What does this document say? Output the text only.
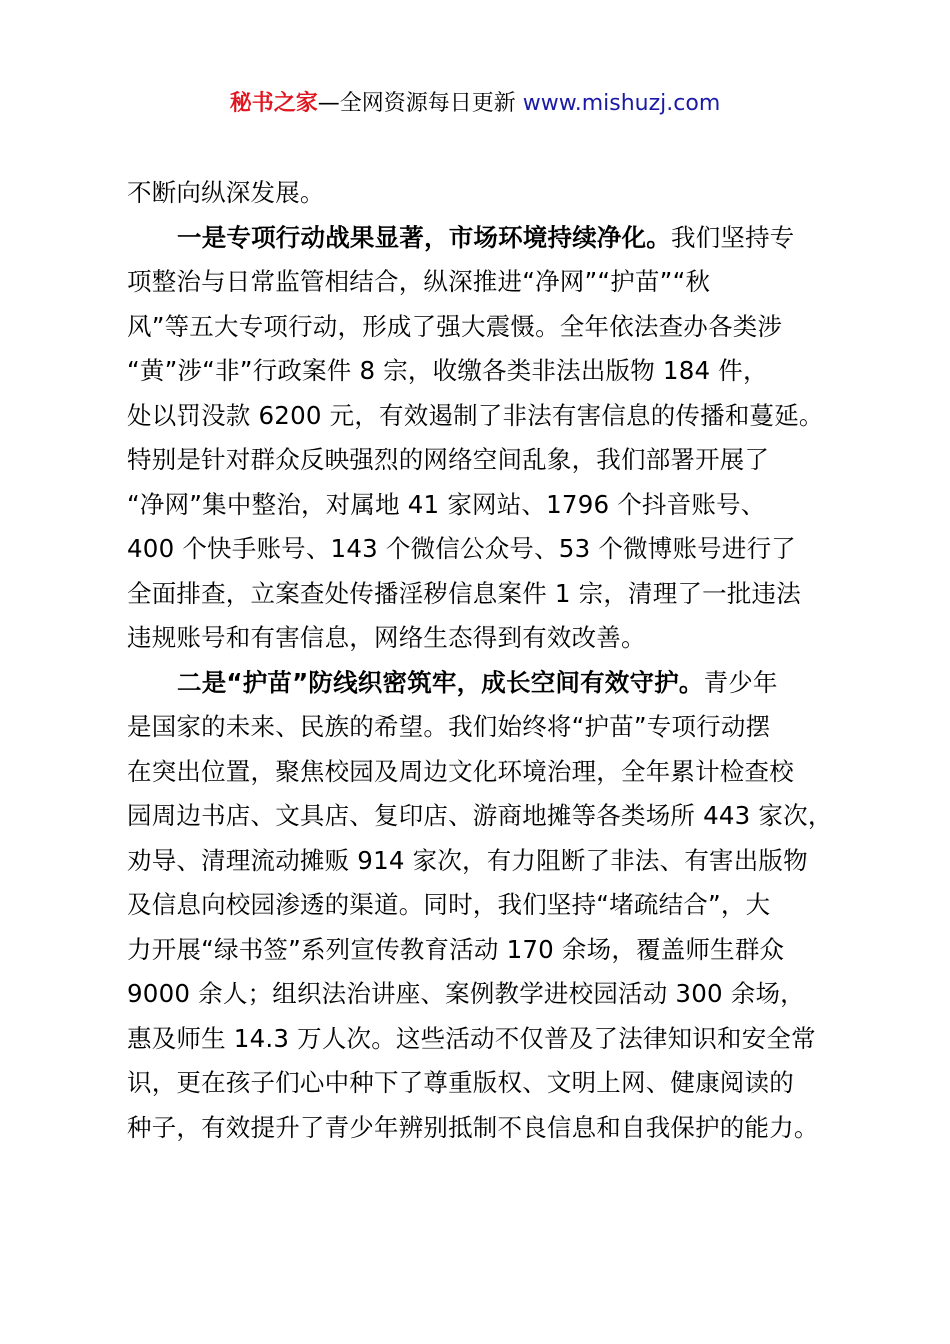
秘书之家—全网资源每日更新 www.mishuzj.com
不断向纵深发展。
一是专项行动战果显著，市场环境持续净化。我们坚持专
项整治与日常监管相结合，纵深推进“净网”“护苗”“秋
风”等五大专项行动，形成了强大震慑。全年依法查办各类涉
“黄”涉“非”行政案件 8 宗，收缴各类非法出版物 184 件，
处以罚没款 6200 元，有效遏制了非法有害信息的传播和蔓延。
特别是针对群众反映强烈的网络空间乱象，我们部署开展了
“净网”集中整治，对属地 41 家网站、1796 个抖音账号、
400 个快手账号、143 个微信公众号、53 个微博账号进行了
全面排查，立案查处传播淫秽信息案件 1 宗，清理了一批违法
违规账号和有害信息，网络生态得到有效改善。
二是“护苗”防线织密筑牢，成长空间有效守护。青少年
是国家的未来、民族的希望。我们始终将“护苗”专项行动摆
在突出位置，聚焦校园及周边文化环境治理，全年累计检查校
园周边书店、文具店、复印店、游商地摊等各类场所 443 家次，
劝导、清理流动摊贩 914 家次，有力阻断了非法、有害出版物
及信息向校园渗透的渠道。同时，我们坚持“堵疏结合”，大
力开展“绿书签”系列宣传教育活动 170 余场，覆盖师生群众
9000 余人；组织法治讲座、案例教学进校园活动 300 余场，
惠及师生 14.3 万人次。这些活动不仅普及了法律知识和安全常
识，更在孩子们心中种下了尊重版权、文明上网、健康阅读的
种子，有效提升了青少年辨别抵制不良信息和自我保护的能力。
